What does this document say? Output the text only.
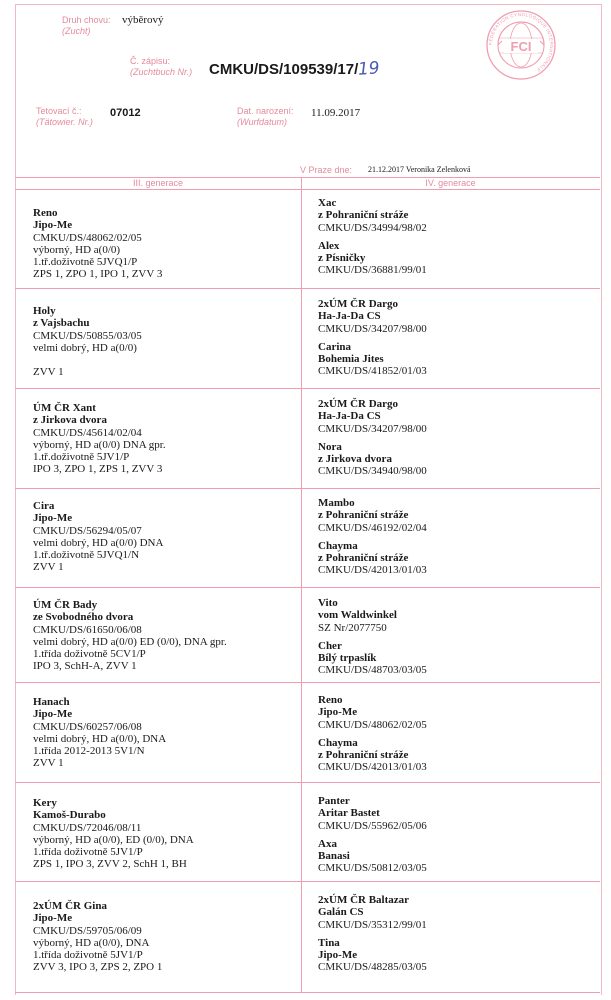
Druh chovu:
(Zucht)
výběrový
Č. zápisu:
(Zuchtbuch Nr.) CMKU/DS/109539/17/19
FCI
FÉDÉRATION CYNOLOGIQUE INTERNATIONALE
Tetovací č.:
(Tätowier. Nr.)
07012	Dat. narození:
(Wurfdatum)
11.09.2017
V Praze dne: 21.12.2017 Veronika Zelenková
III. generace	IV. generace
Reno
Jipo-Me
CMKU/DS/48062/02/05
výborný, HD a(0/0)
1.tř.doživotně 5JVQ1/P
ZPS 1, ZPO 1, IPO 1, ZVV 3
Xac
z Pohraniční stráže
CMKU/DS/34994/98/02
Alex
z Písničky
CMKU/DS/36881/99/01
Holy
z Vajsbachu
CMKU/DS/50855/03/05
velmi dobrý, HD a(0/0)
ZVV 1
2xÚM ČR Dargo
Ha-Ja-Da CS
CMKU/DS/34207/98/00
Carina
Bohemia Jites
CMKU/DS/41852/01/03
ÚM ČR Xant
z Jirkova dvora
CMKU/DS/45614/02/04
výborný, HD a(0/0) DNA gpr.
1.tř.doživotně 5JV1/P
IPO 3, ZPO 1, ZPS 1, ZVV 3
2xÚM ČR Dargo
Ha-Ja-Da CS
CMKU/DS/34207/98/00
Nora
z Jirkova dvora
CMKU/DS/34940/98/00
Cira
Jipo-Me
CMKU/DS/56294/05/07
velmi dobrý, HD a(0/0) DNA
1.tř.doživotně 5JVQ1/N
ZVV 1
Mambo
z Pohraniční stráže
CMKU/DS/46192/02/04
Chayma
z Pohraniční stráže
CMKU/DS/42013/01/03
ÚM ČR Bady
ze Svobodného dvora
CMKU/DS/61650/06/08
velmi dobrý, HD a(0/0) ED (0/0), DNA gpr.
1.třída doživotně 5CV1/P
IPO 3, SchH-A, ZVV 1
Vito
vom Waldwinkel
SZ Nr/2077750
Cher
Bílý trpaslík
CMKU/DS/48703/03/05
Hanach
Jipo-Me
CMKU/DS/60257/06/08
velmi dobrý, HD a(0/0), DNA
1.třída 2012-2013 5V1/N
ZVV 1
Reno
Jipo-Me
CMKU/DS/48062/02/05
Chayma
z Pohraniční stráže
CMKU/DS/42013/01/03
Kery
Kamoš-Durabo
CMKU/DS/72046/08/11
výborný, HD a(0/0), ED (0/0), DNA
1.třída doživotně 5JV1/P
ZPS 1, IPO 3, ZVV 2, SchH 1, BH
Panter
Aritar Bastet
CMKU/DS/55962/05/06
Axa
Banasi
CMKU/DS/50812/03/05
2xÚM ČR Gina
Jipo-Me
CMKU/DS/59705/06/09
výborný, HD a(0/0), DNA
1.třída doživotně 5JV1/P
ZVV 3, IPO 3, ZPS 2, ZPO 1
2xÚM ČR Baltazar
Galán CS
CMKU/DS/35312/99/01
Tina
Jipo-Me
CMKU/DS/48285/03/05
